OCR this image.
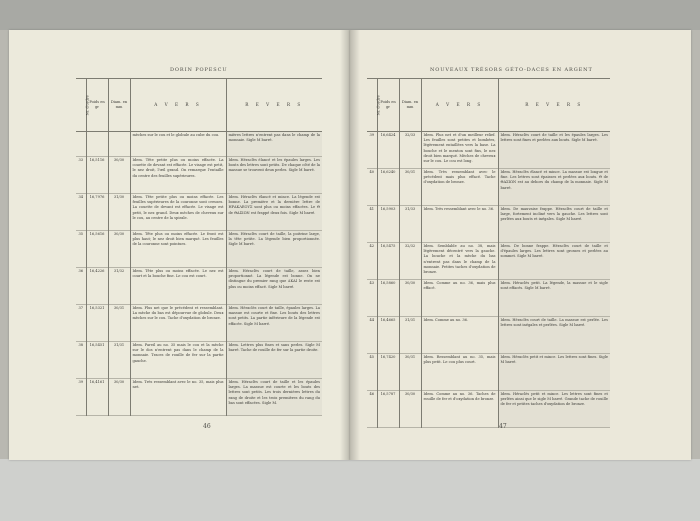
DORIN POPESCU
Nr. d'ordre	Poids en gr	Diam. en mm	A V E R S	R E V E R S
			mèches sur le cou et le globule au cube du cou.	mières lettres n'entrent pas dans le champ de la monnaie. Sigle M barré.
33	16,5116	30/30	Idem. Tête petite plus ou moins effacée. La couette de devant est effacée. Le visage est petit, le nez droit, l'œil grand. On remarque l'entaille du centre des feuilles supérieures.	Idem. Héraclès élancé et les épaules larges. Les bouts des lettres sont petits. De chaque côté de la massue se trouvent deux perles. Sigle M barré.
34	16,7976	31/30	Idem. Tête petite plus ou moins effacée. Les feuilles supérieures de la couronne sont creuses. La couette de devant est effacée. Le visage est petit, le nez grand. Deux mèches de cheveux sur le cou, au centre de la spirale.	Idem. Héraclès élancé et mince. La légende est bonne. La première et la dernière lettre de ΗΡΑΚΛΕΟΥΣ sont plus ou moins effacées. Le Θ de ΘΑΣΙΩΝ est frappé deux fois. Sigle M barré.
35	16,5616	30/30	Idem. Tête plus ou moins effacée. Le front est plus haut; le nez droit bien marqué. Les feuilles de la couronne sont pointues.	Idem. Héraclès court de taille, la poitrine large, la tête petite. La légende bien proportionnée. Sigle M barré.
36	16,4226	31/32	Idem. Tête plus ou moins effacée. Le nez est court et la bouche fine. Le cou est court.	Idem. Héraclès court de taille, assez bien proportionné. La légende est bonne. On ne distingue du premier rang que ΔΚΑΙ le reste est plus ou moins effacé. Sigle M barré.
37	16,5321	30/31	Idem. Plus net que le précédent et ressemblant. La mèche du bas est dépourvue de globule. Deux mèches sur le cou. Tache d'oxydation de bronze.	Idem. Héraclès court de taille, épaules larges. La massue est courte et fine. Les bouts des lettres sont petits. La partie inférieure de la légende est effacée. Sigle M barré.
38	16,5451	31/31	Idem. Pareil au no. 35 mais le cou et la mèche sur le dos n'entrent pas dans le champ de la monnaie. Traces de rouille de fer sur la partie gauche.	Idem. Lettres plus fines et sans perles. Sigle M barré. Tache de rouille de fer sur la partie droite.
39	16,4161	30/30	Idem. Très ressemblant avec le no. 35, mais plus net.	Idem. Héraclès court de taille et les épaules larges. La massue est courte et les bouts des lettres sont petits. Les trois dernières lettres du rang de droite et les trois premières du rang du bas sont effacées. Sigle M.
46
NOUVEAUX TRÉSORS GÉTO-DACES EN ARGENT
Nr. d'ordre	Poids en gr	Diam. en mm	A V E R S	R E V E R S
39	16,6424	32/33	Idem. Plus net et d'un meilleur relief. Les feuilles sont petites et bombées, légèrement entaillées vers la base. La bouche et le menton sont fins, le nez droit bien marqué. Mèches de cheveux sur le cou. Le cou est long.	Idem. Héraclès court de taille et les épaules larges. Les lettres sont fines et perlées aux bouts. Sigle M barré.
40	16,6240	30/31	Idem. Très ressemblant avec le précédent mais plus effacé. Tache d'oxydation de bronze.	Idem. Héraclès élancé et mince. La massue est longue et fine. Les lettres sont épaisses et perlées aux bouts. Θ de ΘΑΣΙΩΝ est au dehors du champ de la monnaie. Sigle M barré.
41	16,5903	31/33	Idem. Très ressemblant avec le no. 36.	Idem. De mauvaise frappe. Héraclès court de taille et large, fortement incliné vers la gauche. Les lettres sont perlées aux bouts et inégales. Sigle M barré.
42	16,5475	32/32	Idem. Semblable au no. 38, mais légèrement décentré vers la gauche. La bouche et la mèche du bas n'entrent pas dans le champ de la monnaie. Petites taches d'oxydation de bronze.	Idem. De bonne frappe. Héraclès court de taille et d'épaules larges. Les lettres sont grosses et perlées au sommet. Sigle M barré.
43	16,5860	30/30	Idem. Comme au no. 36, mais plus effacé.	Idem. Héraclès petit. La légende, la massue et le sigle sont effacés. Sigle M barré.
44	16,4665	31/31	Idem. Comme au no. 36.	Idem. Héraclès court de taille. La massue est perlée. Les lettres sont inégales et perlées. Sigle M barré.
45	16,7420	30/31	Idem. Ressemblant au no. 35, mais plus petit. Le cou plus court.	Idem. Héraclès petit et mince. Les lettres sont fines. Sigle M barré.
46	16,5787	30/30	Idem. Comme au no. 36. Taches de rouille de fer et d'oxydation de bronze.	Idem. Héraclès petit et mince. Les lettres sont fines et perlées ainsi que le sigle M barré. Grande tache de rouille de fer et petites taches d'oxydation de bronze.
47
